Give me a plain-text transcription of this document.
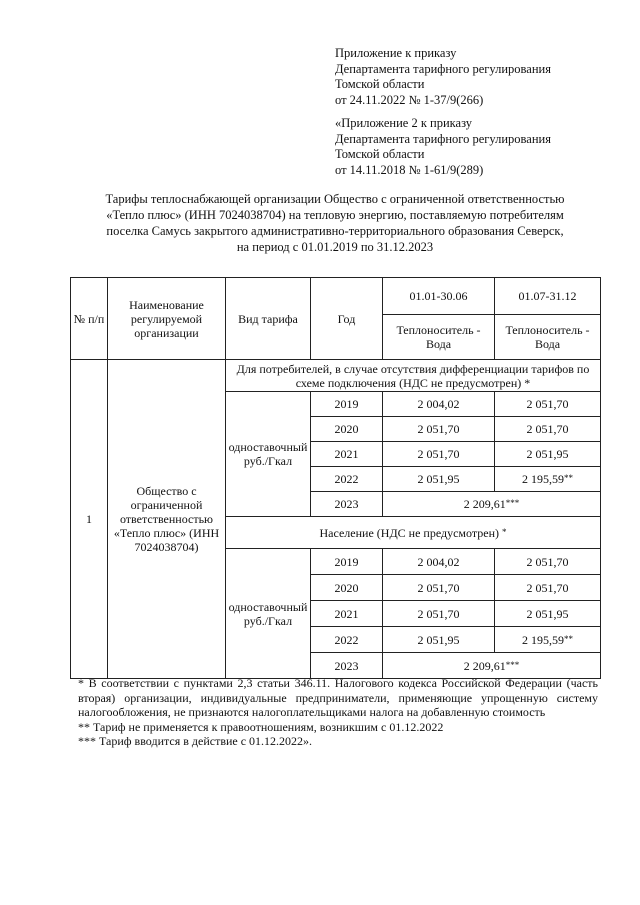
Приложение к приказу
Департамента тарифного регулирования
Томской области
от 24.11.2022 № 1-37/9(266)
«Приложение 2 к приказу
Департамента тарифного регулирования
Томской области
от 14.11.2018 № 1-61/9(289)
Тарифы теплоснабжающей организации Общество с ограниченной ответственностью
«Тепло плюс» (ИНН 7024038704) на тепловую энергию, поставляемую потребителям
поселка Самусь закрытого административно-территориального образования Северск,
на период с 01.01.2019 по 31.12.2023
№ п/п	Наименование регулируемой организации	Вид тарифа	Год	01.01-30.06	01.07-31.12
				Теплоноситель - Вода	Теплоноситель - Вода
1	Общество с ограниченной ответственностью «Тепло плюс» (ИНН 7024038704)	Для потребителей, в случае отсутствия дифференциации тарифов по схеме подключения (НДС не предусмотрен) *			
		одноставочный руб./Гкал	2019	2 004,02	2 051,70
			2020	2 051,70	2 051,70
			2021	2 051,70	2 051,95
			2022	2 051,95	2 195,59**
			2023	2 209,61***
		Население (НДС не предусмотрен) *
		одноставочный руб./Гкал	2019	2 004,02	2 051,70
			2020	2 051,70	2 051,70
			2021	2 051,70	2 051,95
			2022	2 051,95	2 195,59**
			2023	2 209,61***
* В соответствии с пунктами 2,3 статьи 346.11. Налогового кодекса Российской Федерации (часть вторая) организации, индивидуальные предприниматели, применяющие упрощенную систему налогообложения, не признаются налогоплательщиками налога на добавленную стоимость
** Тариф не применяется к правоотношениям, возникшим с 01.12.2022
*** Тариф вводится в действие с 01.12.2022».
